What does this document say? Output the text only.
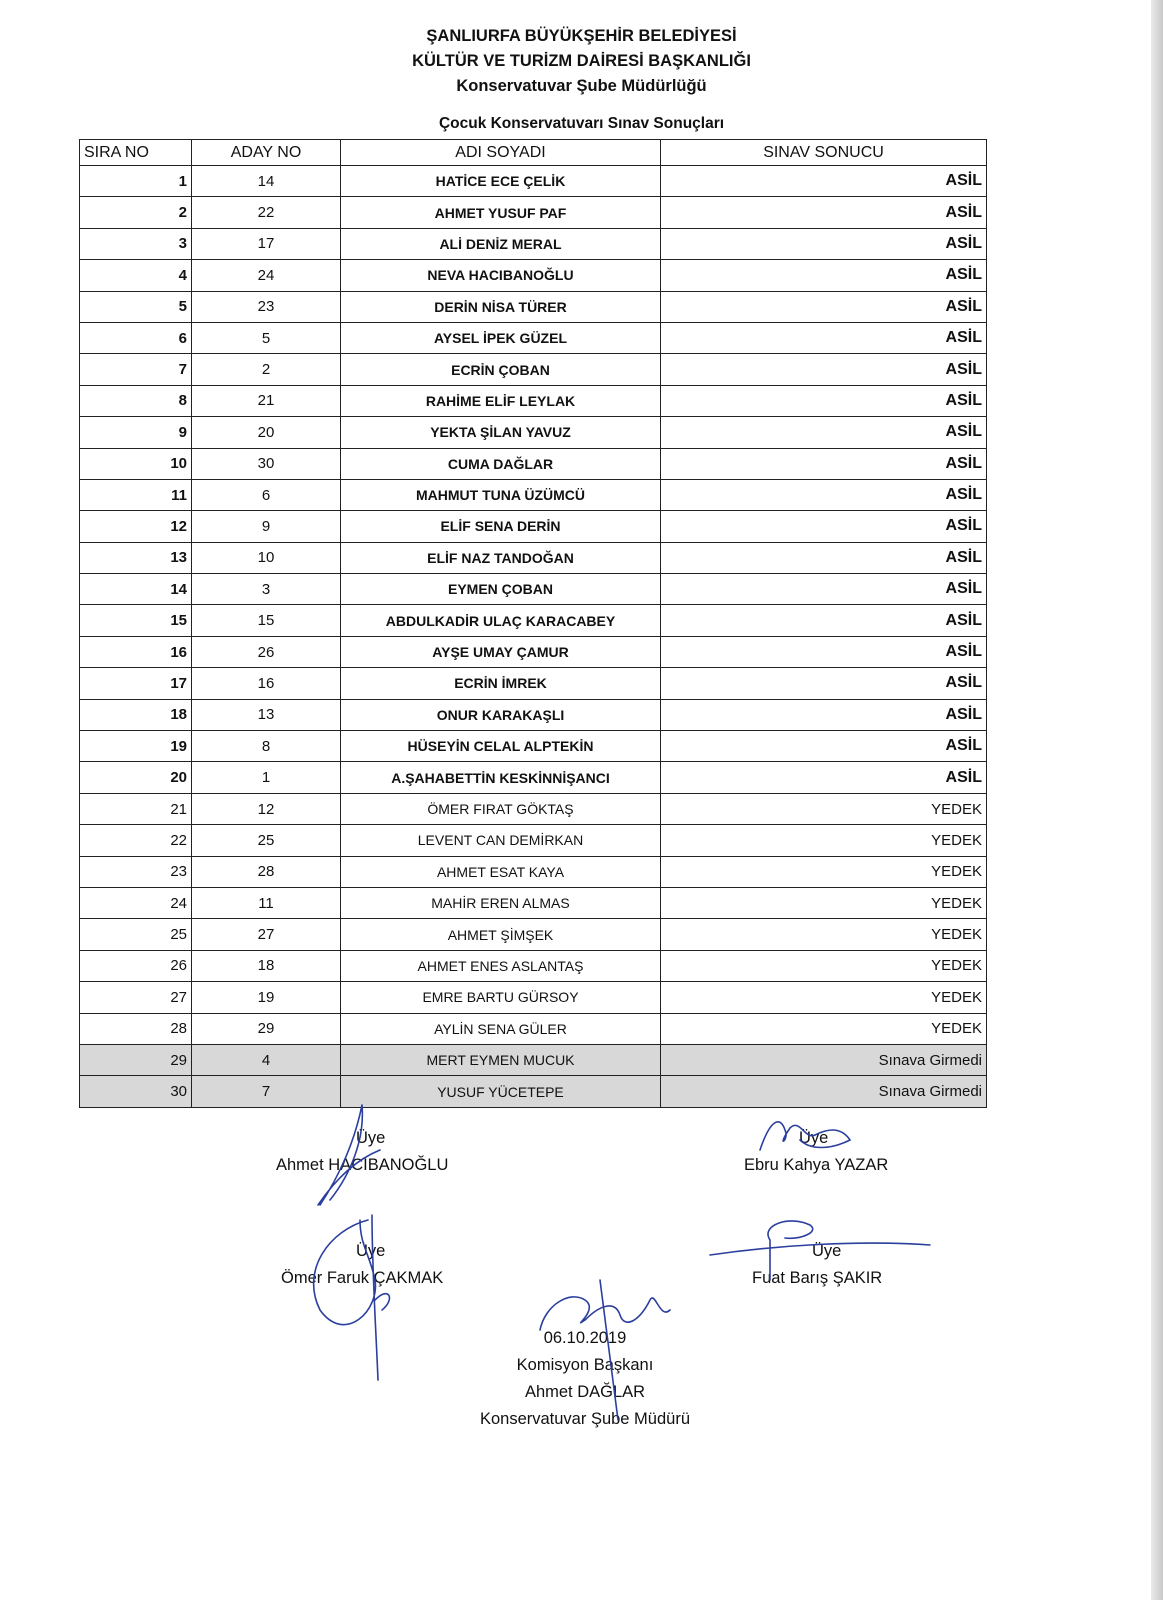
ŞANLIURFA BÜYÜKŞEHİR BELEDİYESİ
KÜLTÜR VE TURİZM DAİRESİ BAŞKANLIĞI
Konservatuvar Şube Müdürlüğü
Çocuk Konservatuvarı Sınav Sonuçları
SIRA NO	ADAY NO	ADI SOYADI	SINAV SONUCU
1	14	HATİCE ECE ÇELİK	ASİL
2	22	AHMET YUSUF PAF	ASİL
3	17	ALİ DENİZ MERAL	ASİL
4	24	NEVA HACIBANOĞLU	ASİL
5	23	DERİN NİSA TÜRER	ASİL
6	5	AYSEL İPEK GÜZEL	ASİL
7	2	ECRİN ÇOBAN	ASİL
8	21	RAHİME ELİF LEYLAK	ASİL
9	20	YEKTA ŞİLAN YAVUZ	ASİL
10	30	CUMA DAĞLAR	ASİL
11	6	MAHMUT TUNA ÜZÜMCÜ	ASİL
12	9	ELİF SENA DERİN	ASİL
13	10	ELİF NAZ TANDOĞAN	ASİL
14	3	EYMEN ÇOBAN	ASİL
15	15	ABDULKADİR ULAÇ KARACABEY	ASİL
16	26	AYŞE UMAY ÇAMUR	ASİL
17	16	ECRİN İMREK	ASİL
18	13	ONUR KARAKAŞLI	ASİL
19	8	HÜSEYİN CELAL ALPTEKİN	ASİL
20	1	A.ŞAHABETTİN KESKİNNİŞANCI	ASİL
21	12	ÖMER FIRAT GÖKTAŞ	YEDEK
22	25	LEVENT CAN DEMİRKAN	YEDEK
23	28	AHMET ESAT KAYA	YEDEK
24	11	MAHİR EREN ALMAS	YEDEK
25	27	AHMET ŞİMŞEK	YEDEK
26	18	AHMET ENES ASLANTAŞ	YEDEK
27	19	EMRE BARTU GÜRSOY	YEDEK
28	29	AYLİN SENA GÜLER	YEDEK
29	4	MERT EYMEN MUCUK	Sınava Girmedi
30	7	YUSUF YÜCETEPE	Sınava Girmedi
Üye
Ahmet HACIBANOĞLU
Üye
Ebru Kahya YAZAR
Üye
Ömer Faruk ÇAKMAK
Üye
Fuat Barış ŞAKIR
06.10.2019
Komisyon Başkanı
Ahmet DAĞLAR
Konservatuvar Şube Müdürü
